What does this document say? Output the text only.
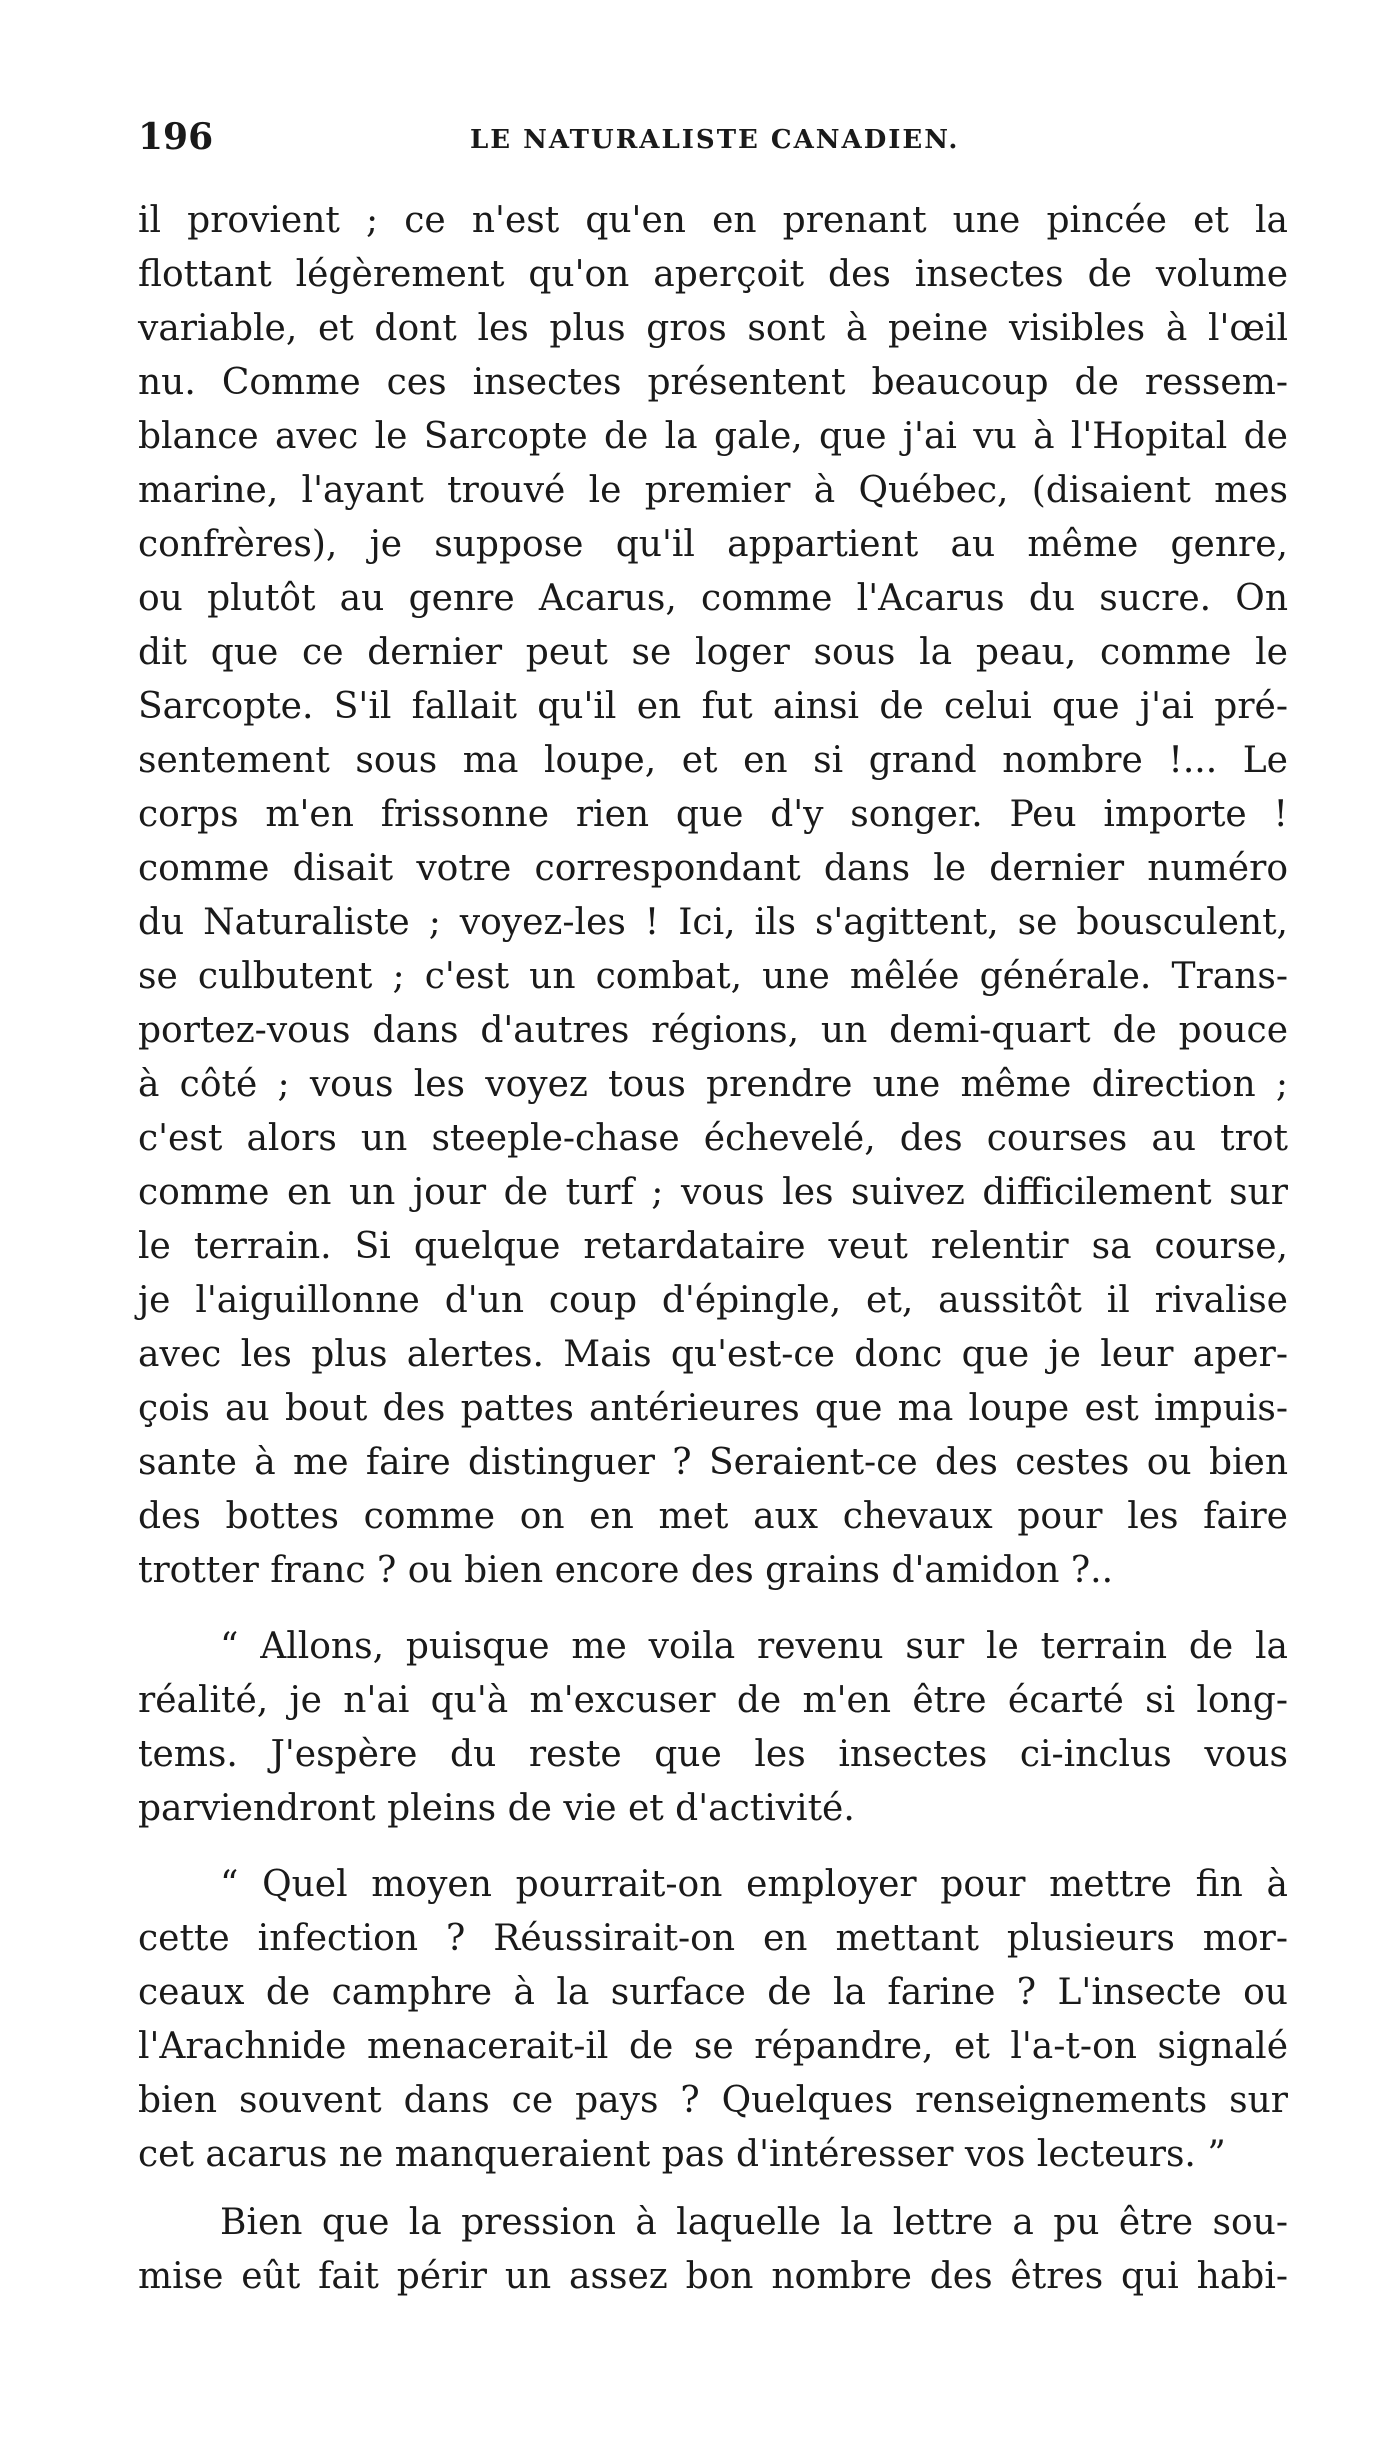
196	LE NATURALISTE CANADIEN.
il provient ; ce n'est qu'en en prenant une pincée et la
flottant légèrement qu'on aperçoit des insectes de volume
variable, et dont les plus gros sont à peine visibles à l'œil
nu. Comme ces insectes présentent beaucoup de ressem-
blance avec le Sarcopte de la gale, que j'ai vu à l'Hopital de
marine, l'ayant trouvé le premier à Québec, (disaient mes
confrères), je suppose qu'il appartient au même genre,
ou plutôt au genre Acarus, comme l'Acarus du sucre. On
dit que ce dernier peut se loger sous la peau, comme le
Sarcopte. S'il fallait qu'il en fut ainsi de celui que j'ai pré-
sentement sous ma loupe, et en si grand nombre !... Le
corps m'en frissonne rien que d'y songer. Peu importe !
comme disait votre correspondant dans le dernier numéro
du Naturaliste ; voyez-les ! Ici, ils s'agittent, se bousculent,
se culbutent ; c'est un combat, une mêlée générale. Trans-
portez-vous dans d'autres régions, un demi-quart de pouce
à côté ; vous les voyez tous prendre une même direction ;
c'est alors un steeple-chase échevelé, des courses au trot
comme en un jour de turf ; vous les suivez difficilement sur
le terrain. Si quelque retardataire veut relentir sa course,
je l'aiguillonne d'un coup d'épingle, et, aussitôt il rivalise
avec les plus alertes. Mais qu'est-ce donc que je leur aper-
çois au bout des pattes antérieures que ma loupe est impuis-
sante à me faire distinguer ? Seraient-ce des cestes ou bien
des bottes comme on en met aux chevaux pour les faire
trotter franc ? ou bien encore des grains d'amidon ?..
“ Allons, puisque me voila revenu sur le terrain de la
réalité, je n'ai qu'à m'excuser de m'en être écarté si long-
tems. J'espère du reste que les insectes ci-inclus vous
parviendront pleins de vie et d'activité.
“ Quel moyen pourrait-on employer pour mettre fin à
cette infection ? Réussirait-on en mettant plusieurs mor-
ceaux de camphre à la surface de la farine ? L'insecte ou
l'Arachnide menacerait-il de se répandre, et l'a-t-on signalé
bien souvent dans ce pays ? Quelques renseignements sur
cet acarus ne manqueraient pas d'intéresser vos lecteurs. ”
Bien que la pression à laquelle la lettre a pu être sou-
mise eût fait périr un assez bon nombre des êtres qui habi-
